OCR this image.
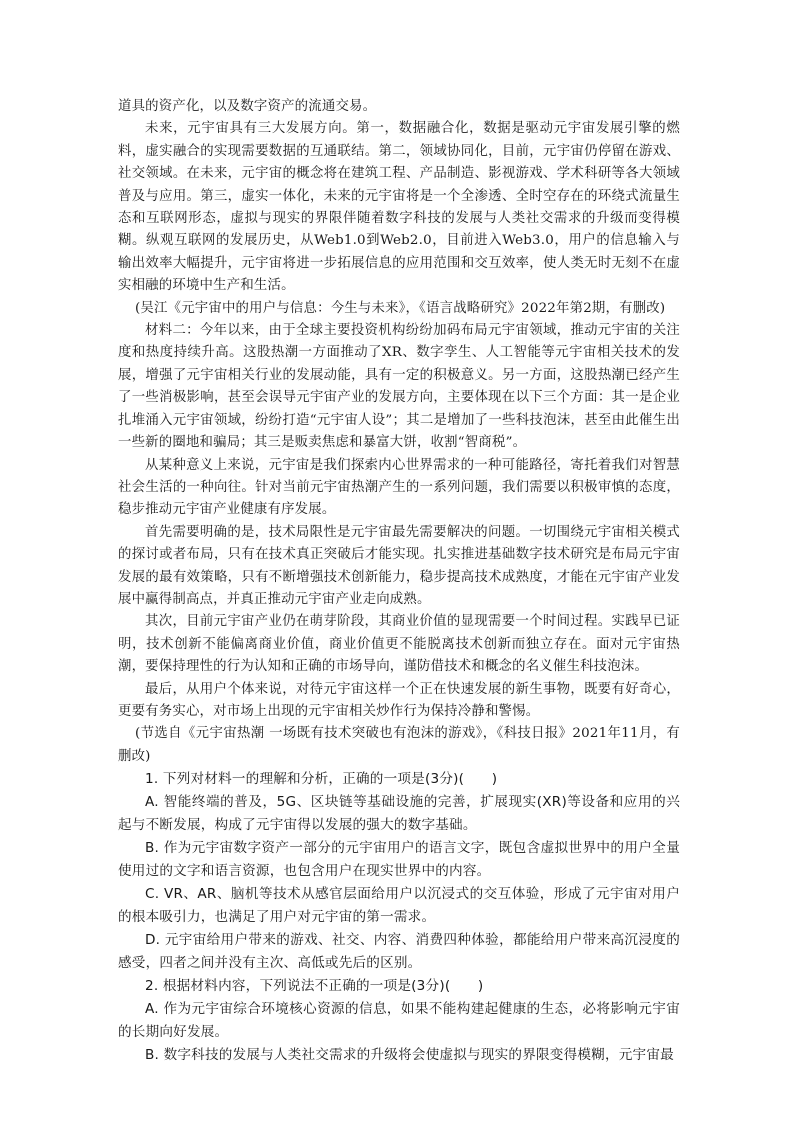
道具的资产化，以及数字资产的流通交易。

未来，元宇宙具有三大发展方向。第一，数据融合化，数据是驱动元宇宙发展引擎的燃料，虚实融合的实现需要数据的互通联结。第二，领域协同化，目前，元宇宙仍停留在游戏、社交领域。在未来，元宇宙的概念将在建筑工程、产品制造、影视游戏、学术科研等各大领域普及与应用。第三，虚实一体化，未来的元宇宙将是一个全渗透、全时空存在的环绕式流量生态和互联网形态，虚拟与现实的界限伴随着数字科技的发展与人类社交需求的升级而变得模糊。纵观互联网的发展历史，从Web1.0到Web2.0，目前进入Web3.0，用户的信息输入与输出效率大幅提升，元宇宙将进一步拓展信息的应用范围和交互效率，使人类无时无刻不在虚实相融的环境中生产和生活。

(吴江《元宇宙中的用户与信息：今生与未来》，《语言战略研究》2022年第2期，有删改)

材料二：今年以来，由于全球主要投资机构纷纷加码布局元宇宙领域，推动元宇宙的关注度和热度持续升高。这股热潮一方面推动了XR、数字孪生、人工智能等元宇宙相关技术的发展，增强了元宇宙相关行业的发展动能，具有一定的积极意义。另一方面，这股热潮已经产生了一些消极影响，甚至会误导元宇宙产业的发展方向，主要体现在以下三个方面：其一是企业扎堆涌入元宇宙领域，纷纷打造“元宇宙人设”；其二是增加了一些科技泡沫，甚至由此催生出一些新的圈地和骗局；其三是贩卖焦虑和暴富大饼，收割“智商税”。

从某种意义上来说，元宇宙是我们探索内心世界需求的一种可能路径，寄托着我们对智慧社会生活的一种向往。针对当前元宇宙热潮产生的一系列问题，我们需要以积极审慎的态度，稳步推动元宇宙产业健康有序发展。

首先需要明确的是，技术局限性是元宇宙最先需要解决的问题。一切围绕元宇宙相关模式的探讨或者布局，只有在技术真正突破后才能实现。扎实推进基础数字技术研究是布局元宇宙发展的最有效策略，只有不断增强技术创新能力，稳步提高技术成熟度，才能在元宇宙产业发展中赢得制高点，并真正推动元宇宙产业走向成熟。

其次，目前元宇宙产业仍在萌芽阶段，其商业价值的显现需要一个时间过程。实践早已证明，技术创新不能偏离商业价值，商业价值更不能脱离技术创新而独立存在。面对元宇宙热潮，要保持理性的行为认知和正确的市场导向，谨防借技术和概念的名义催生科技泡沫。

最后，从用户个体来说，对待元宇宙这样一个正在快速发展的新生事物，既要有好奇心，更要有务实心，对市场上出现的元宇宙相关炒作行为保持冷静和警惕。

(节选自《元宇宙热潮 一场既有技术突破也有泡沫的游戏》，《科技日报》2021年11月，有删改)

1. 下列对材料一的理解和分析，正确的一项是(3分)(　　)

A. 智能终端的普及，5G、区块链等基础设施的完善，扩展现实(XR)等设备和应用的兴起与不断发展，构成了元宇宙得以发展的强大的数字基础。

B. 作为元宇宙数字资产一部分的元宇宙用户的语言文字，既包含虚拟世界中的用户全量使用过的文字和语言资源，也包含用户在现实世界中的内容。

C. VR、AR、脑机等技术从感官层面给用户以沉浸式的交互体验，形成了元宇宙对用户的根本吸引力，也满足了用户对元宇宙的第一需求。

D. 元宇宙给用户带来的游戏、社交、内容、消费四种体验，都能给用户带来高沉浸度的感受，四者之间并没有主次、高低或先后的区别。

2. 根据材料内容，下列说法不正确的一项是(3分)(　　)

A. 作为元宇宙综合环境核心资源的信息，如果不能构建起健康的生态，必将影响元宇宙的长期向好发展。

B. 数字科技的发展与人类社交需求的升级将会使虚拟与现实的界限变得模糊，元宇宙最
